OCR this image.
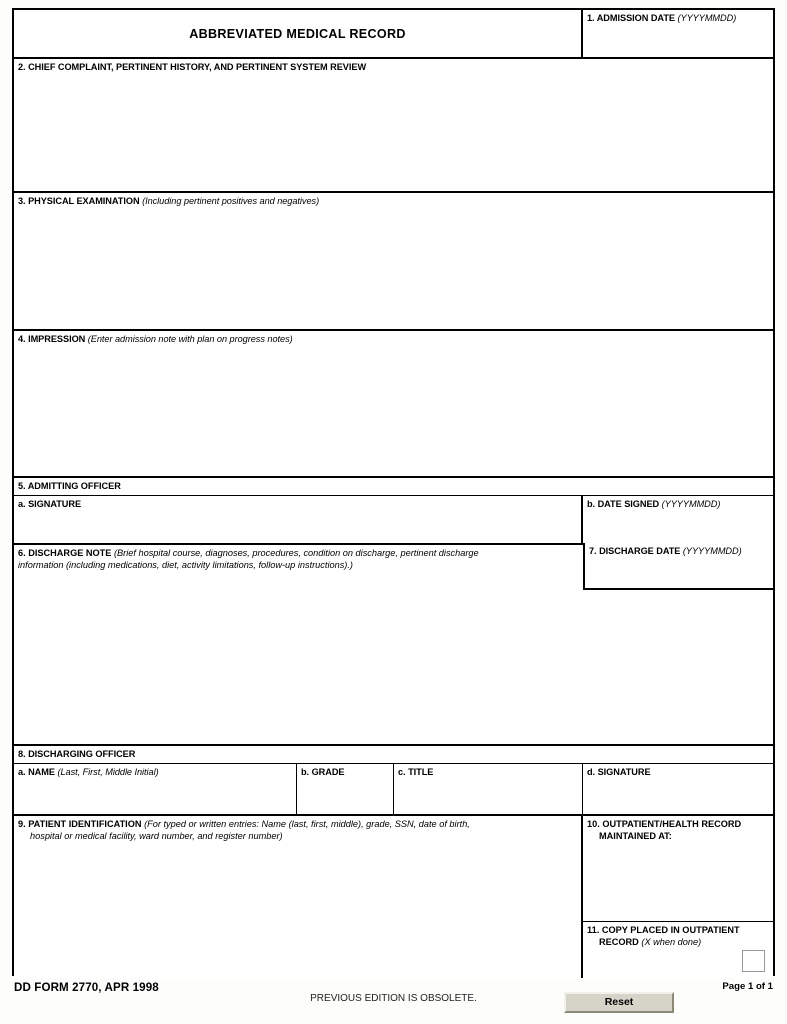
ABBREVIATED MEDICAL RECORD
1. ADMISSION DATE (YYYYMMDD)
2. CHIEF COMPLAINT, PERTINENT HISTORY, AND PERTINENT SYSTEM REVIEW
3. PHYSICAL EXAMINATION (Including pertinent positives and negatives)
4. IMPRESSION (Enter admission note with plan on progress notes)
5. ADMITTING OFFICER
a. SIGNATURE	b. DATE SIGNED (YYYYMMDD)
6. DISCHARGE NOTE (Brief hospital course, diagnoses, procedures, condition on discharge, pertinent discharge
information (including medications, diet, activity limitations, follow-up instructions).)
7. DISCHARGE DATE (YYYYMMDD)
8. DISCHARGING OFFICER
a. NAME (Last, First, Middle Initial)	b. GRADE	c. TITLE	d. SIGNATURE
9. PATIENT IDENTIFICATION (For typed or written entries: Name (last, first, middle), grade, SSN, date of birth,
hospital or medical facility, ward number, and register number)
10. OUTPATIENT/HEALTH RECORD
MAINTAINED AT:
11. COPY PLACED IN OUTPATIENT
RECORD (X when done)
DD FORM 2770, APR 1998
PREVIOUS EDITION IS OBSOLETE.
Page 1 of 1
Reset
